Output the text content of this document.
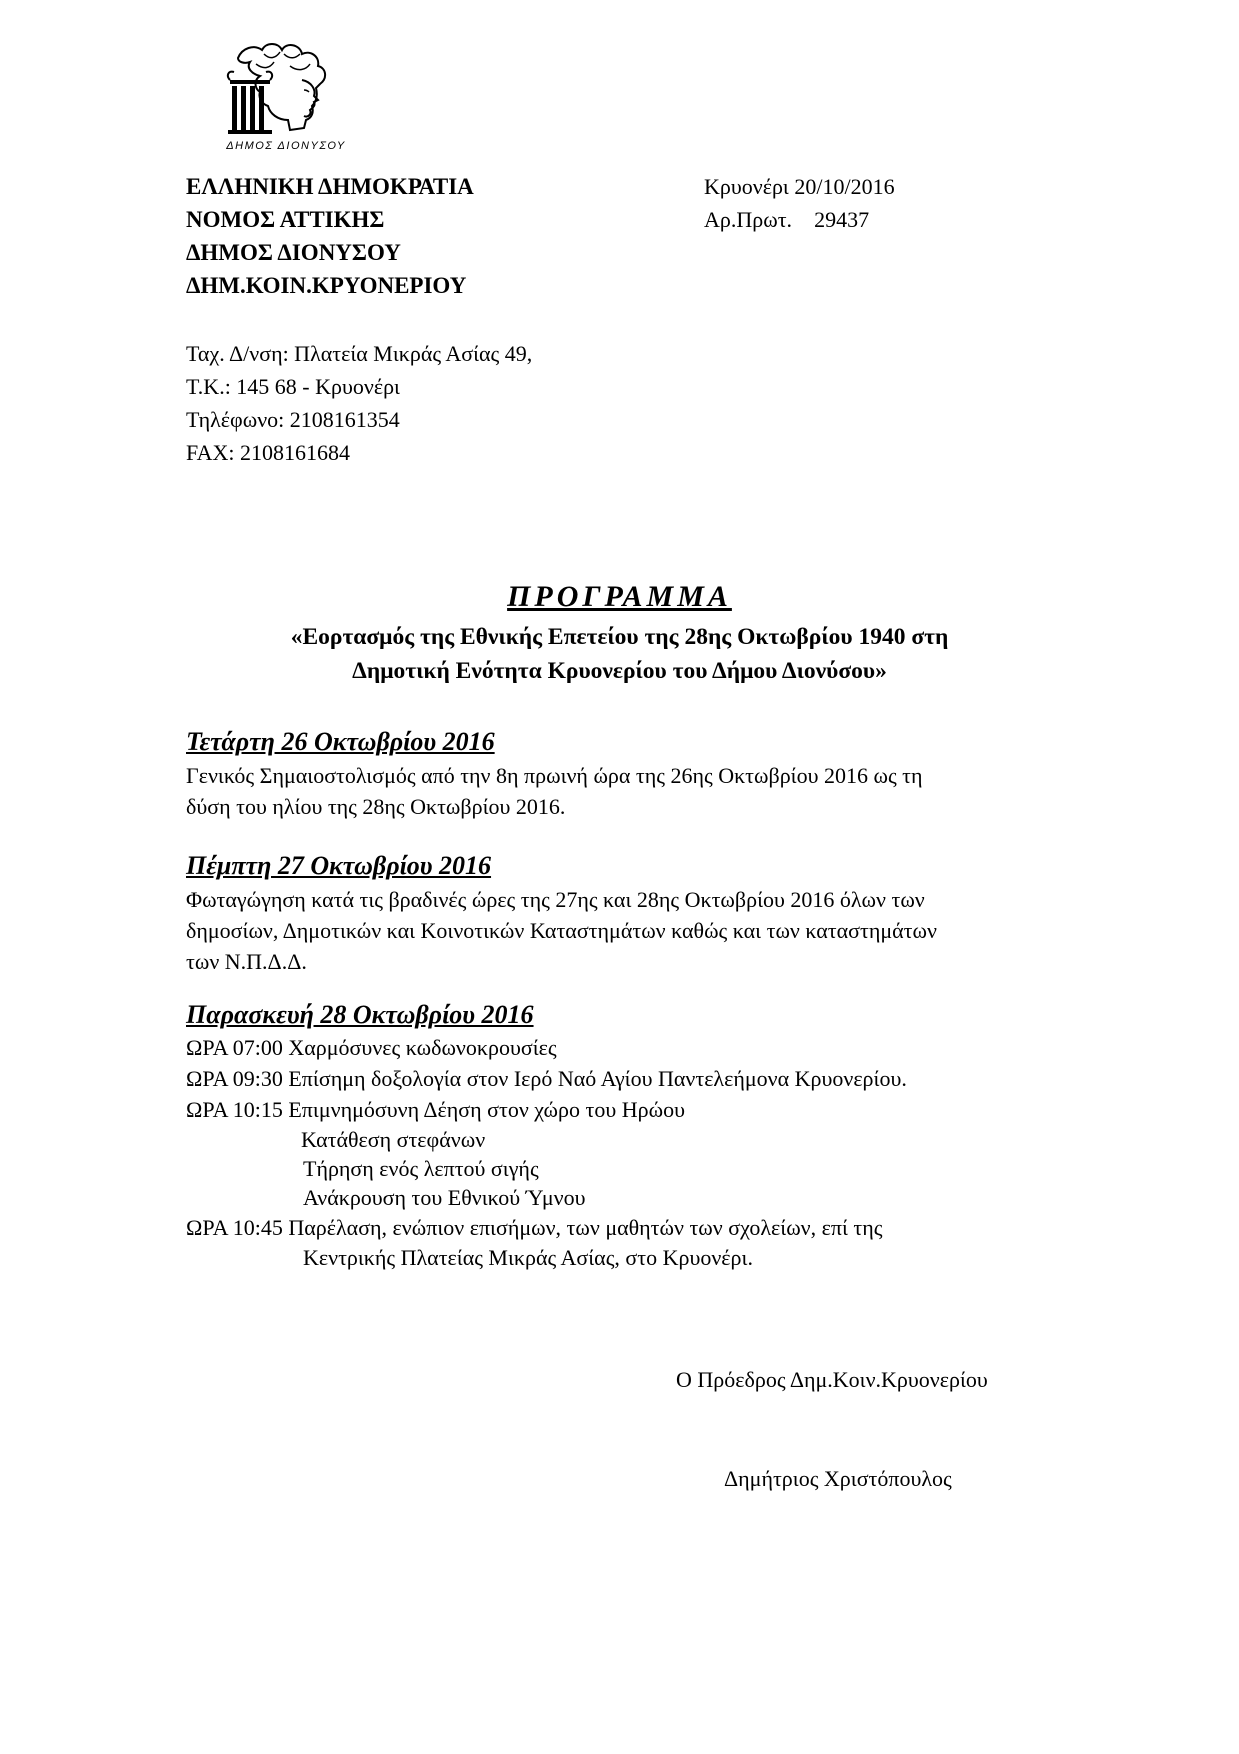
ΔΗΜΟΣ ΔΙΟΝΥΣΟΥ
ΕΛΛΗΝΙΚΗ ΔΗΜΟΚΡΑΤΙΑ
ΝΟΜΟΣ ΑΤΤΙΚΗΣ
ΔΗΜΟΣ ΔΙΟΝΥΣΟΥ
ΔΗΜ.ΚΟΙΝ.ΚΡΥΟΝΕΡΙΟΥ
Κρυονέρι 20/10/2016
Αρ.Πρωτ. 29437
Ταχ. Δ/νση: Πλατεία Μικράς Ασίας 49,
Τ.Κ.: 145 68 - Κρυονέρι
Τηλέφωνο: 2108161354
FAX: 2108161684
ΠΡΟΓΡΑΜΜΑ
«Εορτασμός της Εθνικής Επετείου της 28ης Οκτωβρίου 1940 στη
Δημοτική Ενότητα Κρυονερίου του Δήμου Διονύσου»
Τετάρτη 26 Οκτωβρίου 2016
Γενικός Σημαιοστολισμός από την 8η πρωινή ώρα της 26ης Οκτωβρίου 2016 ως τη
δύση του ηλίου της 28ης Οκτωβρίου 2016.
Πέμπτη 27 Οκτωβρίου 2016
Φωταγώγηση κατά τις βραδινές ώρες της 27ης και 28ης Οκτωβρίου 2016 όλων των
δημοσίων, Δημοτικών και Κοινοτικών Καταστημάτων καθώς και των καταστημάτων
των Ν.Π.Δ.Δ.
Παρασκευή 28 Οκτωβρίου 2016
ΩΡΑ 07:00 Χαρμόσυνες κωδωνοκρουσίες
ΩΡΑ 09:30 Επίσημη δοξολογία στον Ιερό Ναό Αγίου Παντελεήμονα Κρυονερίου.
ΩΡΑ 10:15 Επιμνημόσυνη Δέηση στον χώρο του Ηρώου
Κατάθεση στεφάνων
Τήρηση ενός λεπτού σιγής
Ανάκρουση του Εθνικού Ύμνου
ΩΡΑ 10:45 Παρέλαση, ενώπιον επισήμων, των μαθητών των σχολείων, επί της
Κεντρικής Πλατείας Μικράς Ασίας, στο Κρυονέρι.
Ο Πρόεδρος Δημ.Κοιν.Κρυονερίου
Δημήτριος Χριστόπουλος
